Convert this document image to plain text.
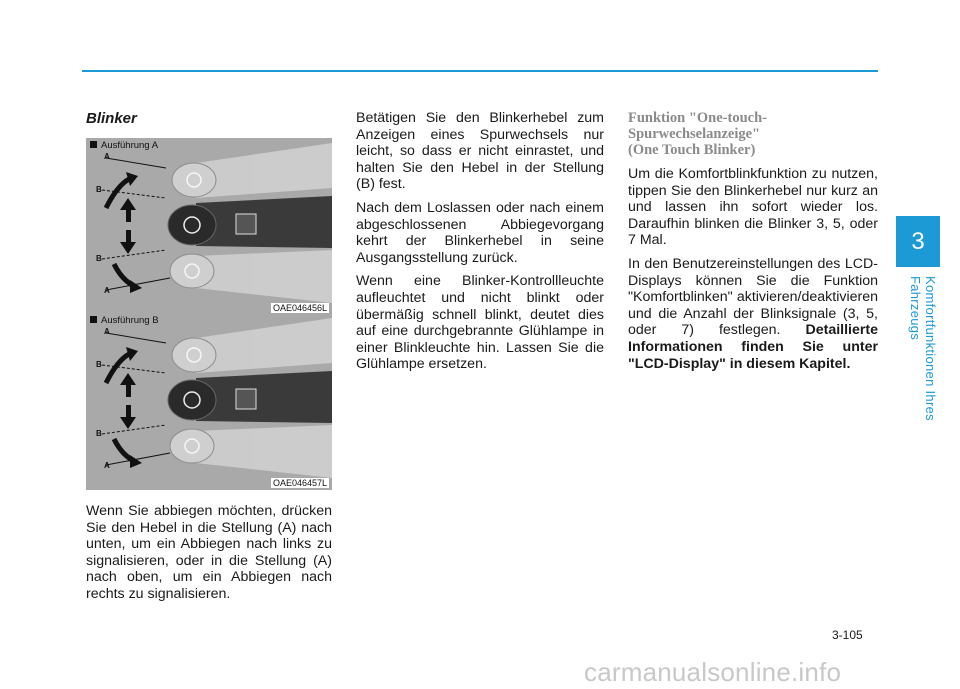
3
Komfortfunktionen Ihres Fahrzeugs
Blinker
Ausführung A
A
B
B
A
OAE046456L
Ausführung B
A
B
B
A
OAE046457L

Wenn Sie abbiegen möchten, drücken Sie den Hebel in die Stellung (A) nach unten, um ein Abbiegen nach links zu signalisieren, oder in die Stellung (A) nach oben, um ein Abbiegen nach rechts zu signalisieren.

Betätigen Sie den Blinkerhebel zum Anzeigen eines Spurwechsels nur leicht, so dass er nicht einrastet, und halten Sie den Hebel in der Stellung (B) fest.

Nach dem Loslassen oder nach einem abgeschlossenen Abbiegevorgang kehrt der Blinkerhebel in seine Ausgangsstellung zurück.

Wenn eine Blinker-Kontrollleuchte aufleuchtet und nicht blinkt oder übermäßig schnell blinkt, deutet dies auf eine durchgebrannte Glühlampe in einer Blinkleuchte hin. Lassen Sie die Glühlampe ersetzen.

Funktion "One-touch-
Spurwechselanzeige"
(One Touch Blinker)

Um die Komfortblinkfunktion zu nutzen, tippen Sie den Blinkerhebel nur kurz an und lassen ihn sofort wieder los. Daraufhin blinken die Blinker 3, 5, oder 7 Mal.

In den Benutzereinstellungen des LCD-Displays können Sie die Funktion "Komfortblinken" aktivieren/deaktivieren und die Anzahl der Blinksignale (3, 5, oder 7) festlegen. Detaillierte Informationen finden Sie unter "LCD-Display" in diesem Kapitel.

3-105
carmanualsonline.info
